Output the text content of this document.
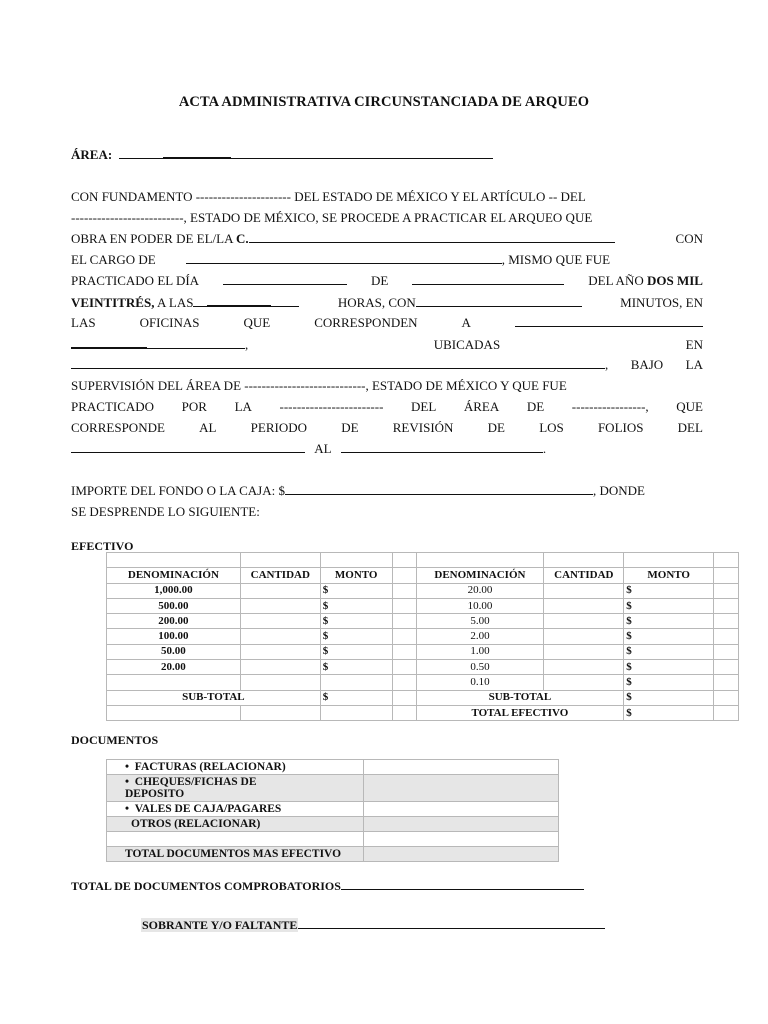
ACTA ADMINISTRATIVA CIRCUNSTANCIADA DE ARQUEO
ÁREA:
CON FUNDAMENTO ---------------------- DEL ESTADO DE MÉXICO Y EL ARTÍCULO -- DEL
--------------------------, ESTADO DE MÉXICO, SE PROCEDE A PRACTICAR EL ARQUEO QUE
OBRA EN PODER DE EL/LA C.	CON
EL CARGO DE	, MISMO QUE FUE
PRACTICADO EL DÍA	DE	DEL AÑO DOS MIL
VEINTITRÉS, A LAS	HORAS, CON	MINUTOS, EN
LAS	OFICINAS	QUE	CORRESPONDEN	A
,	UBICADAS	EN
, BAJO LA
SUPERVISIÓN DEL ÁREA DE ----------------------------, ESTADO DE MÉXICO Y QUE FUE
PRACTICADO POR LA ------------------------ DEL ÁREA DE -----------------, QUE
CORRESPONDE	AL	PERIODO	DE	REVISIÓN	DE	LOS	FOLIOS	DEL
AL	.
IMPORTE DEL FONDO O LA CAJA: $	, DONDE
SE DESPRENDE LO SIGUIENTE:
EFECTIVO

DENOMINACIÓN	CANTIDAD	MONTO		DENOMINACIÓN	CANTIDAD	MONTO	
1,000.00		$		20.00		$	
500.00		$		10.00		$	
200.00		$		5.00		$	
100.00		$		2.00		$	
50.00		$		1.00		$	
20.00		$		0.50		$	
				0.10		$	
SUB-TOTAL		$		SUB-TOTAL		$	
				TOTAL EFECTIVO		$	
DOCUMENTOS
•  FACTURAS (RELACIONAR)	
•  CHEQUES/FICHAS DE
DEPOSITO	
•  VALES DE CAJA/PAGARES	
OTROS (RELACIONAR)	

TOTAL DOCUMENTOS MAS EFECTIVO	
TOTAL DE DOCUMENTOS COMPROBATORIOS
SOBRANTE Y/O FALTANTE
